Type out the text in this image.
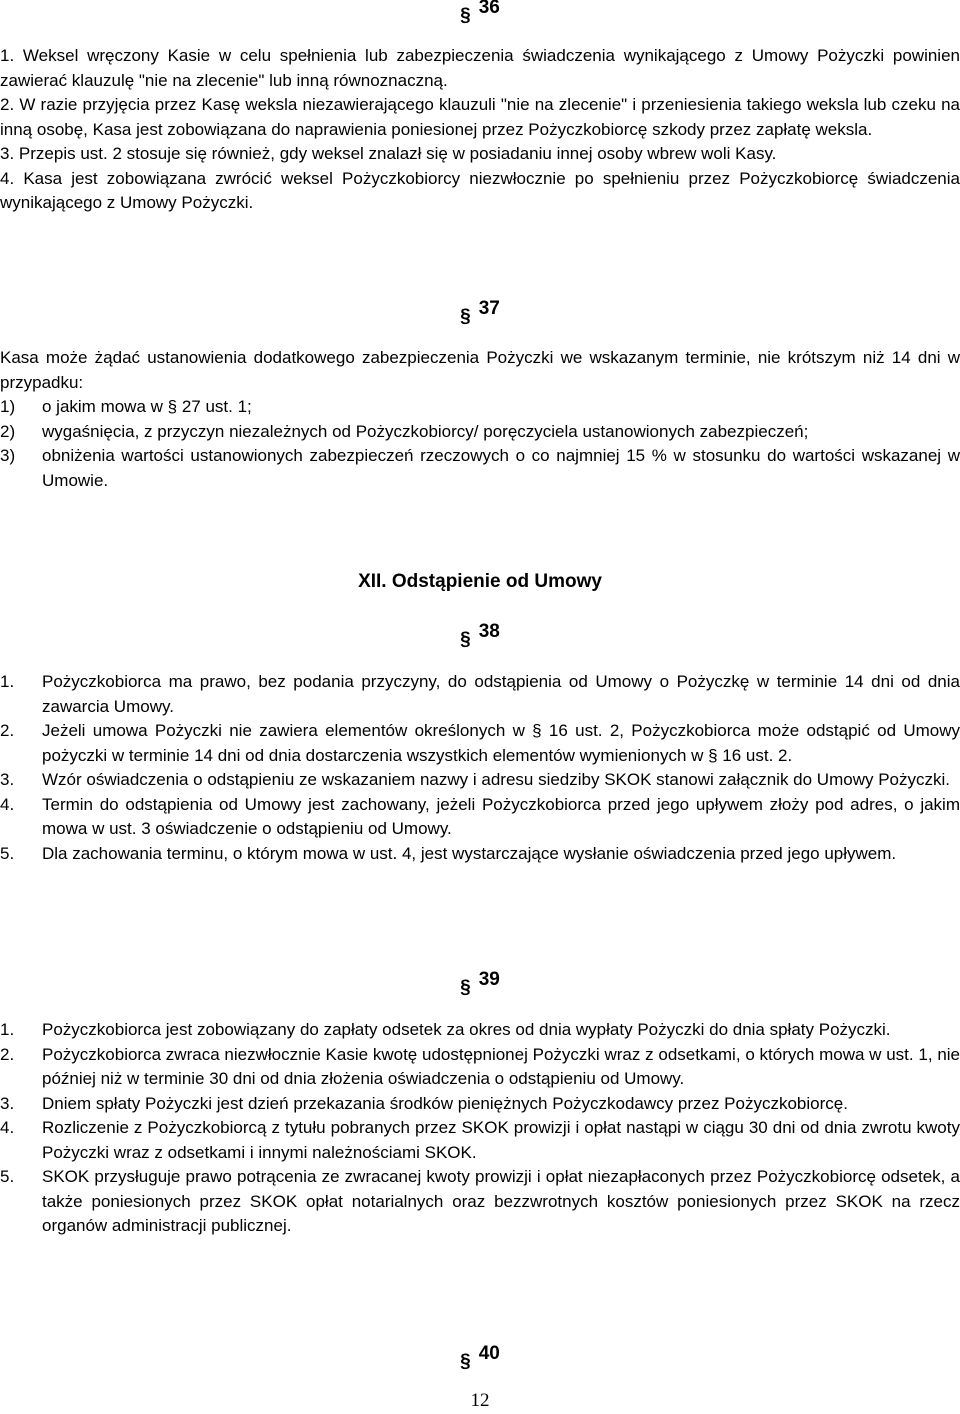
§ 36
1. Weksel wręczony Kasie w celu spełnienia lub zabezpieczenia świadczenia wynikającego z Umowy Pożyczki powinien zawierać klauzulę "nie na zlecenie" lub inną równoznaczną.
2. W razie przyjęcia przez Kasę weksla niezawierającego klauzuli "nie na zlecenie" i przeniesienia takiego weksla lub czeku na inną osobę, Kasa jest zobowiązana do naprawienia poniesionej przez Pożyczkobiorcę szkody przez zapłatę weksla.
3. Przepis ust. 2 stosuje się również, gdy weksel znalazł się w posiadaniu innej osoby wbrew woli Kasy.
4. Kasa jest zobowiązana zwrócić weksel Pożyczkobiorcy niezwłocznie po spełnieniu przez Pożyczkobiorcę świadczenia wynikającego z Umowy Pożyczki.
§ 37
Kasa może żądać ustanowienia dodatkowego zabezpieczenia Pożyczki we wskazanym terminie, nie krótszym niż 14 dni w przypadku:
1) o jakim mowa w § 27 ust. 1;
2) wygaśnięcia, z przyczyn niezależnych od Pożyczkobiorcy/ poręczyciela ustanowionych zabezpieczeń;
3) obniżenia wartości ustanowionych zabezpieczeń rzeczowych o co najmniej 15 % w stosunku do wartości wskazanej w Umowie.
XII. Odstąpienie od Umowy
§ 38
1. Pożyczkobiorca ma prawo, bez podania przyczyny, do odstąpienia od Umowy o Pożyczkę w terminie 14 dni od dnia zawarcia Umowy.
2. Jeżeli umowa Pożyczki nie zawiera elementów określonych w § 16 ust. 2, Pożyczkobiorca może odstąpić od Umowy pożyczki w terminie 14 dni od dnia dostarczenia wszystkich elementów wymienionych w § 16 ust. 2.
3. Wzór oświadczenia o odstąpieniu ze wskazaniem nazwy i adresu siedziby SKOK stanowi załącznik do Umowy Pożyczki.
4. Termin do odstąpienia od Umowy jest zachowany, jeżeli Pożyczkobiorca przed jego upływem złoży pod adres, o jakim mowa w ust. 3 oświadczenie o odstąpieniu od Umowy.
5. Dla zachowania terminu, o którym mowa w ust. 4, jest wystarczające wysłanie oświadczenia przed jego upływem.
§ 39
1. Pożyczkobiorca jest zobowiązany do zapłaty odsetek za okres od dnia wypłaty Pożyczki do dnia spłaty Pożyczki.
2. Pożyczkobiorca zwraca niezwłocznie Kasie kwotę udostępnionej Pożyczki wraz z odsetkami, o których mowa w ust. 1, nie później niż w terminie 30 dni od dnia złożenia oświadczenia o odstąpieniu od Umowy.
3. Dniem spłaty Pożyczki jest dzień przekazania środków pieniężnych Pożyczkodawcy przez Pożyczkobiorcę.
4. Rozliczenie z Pożyczkobiorcą z tytułu pobranych przez SKOK prowizji i opłat nastąpi w ciągu 30 dni od dnia zwrotu kwoty Pożyczki wraz z odsetkami i innymi należnościami SKOK.
5. SKOK przysługuje prawo potrącenia ze zwracanej kwoty prowizji i opłat niezapłaconych przez Pożyczkobiorcę odsetek, a także poniesionych przez SKOK opłat notarialnych oraz bezzwrotnych kosztów poniesionych przez SKOK na rzecz organów administracji publicznej.
§ 40
12
